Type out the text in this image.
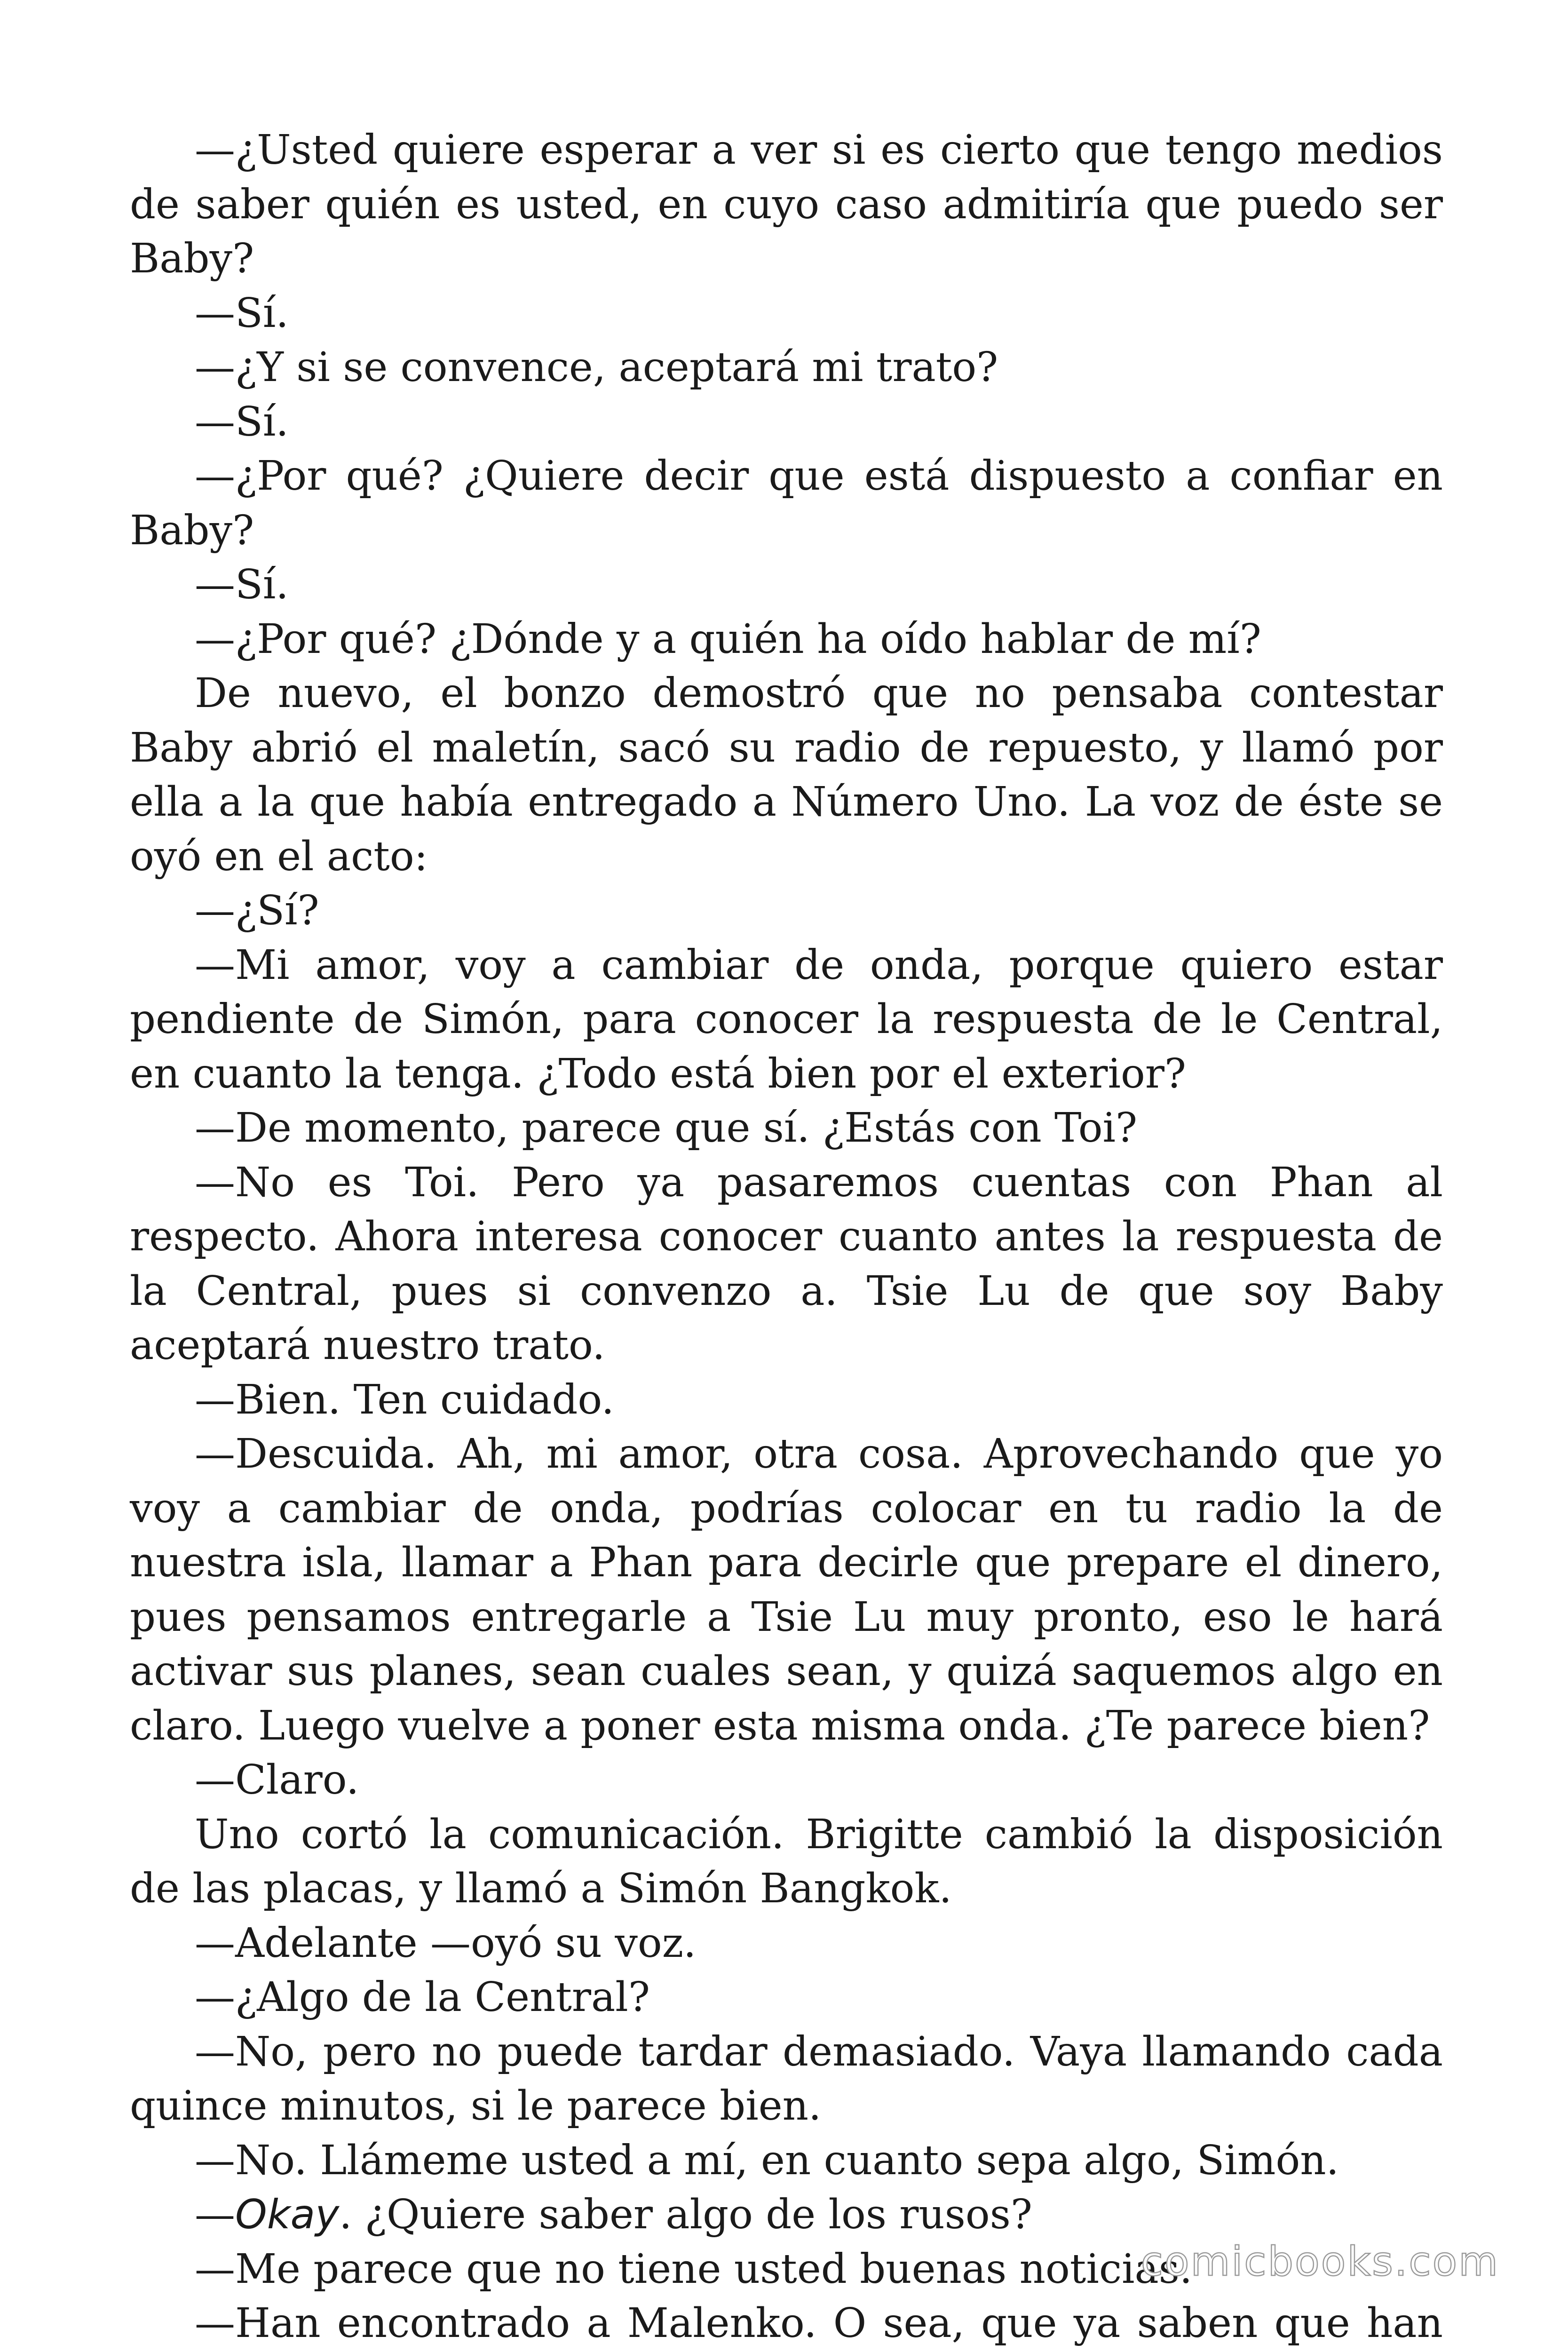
—¿Usted quiere esperar a ver si es cierto que tengo medios de saber quién es usted, en cuyo caso admitiría que puedo ser Baby?

—Sí.

—¿Y si se convence, aceptará mi trato?

—Sí.

—¿Por qué? ¿Quiere decir que está dispuesto a confiar en Baby?

—Sí.

—¿Por qué? ¿Dónde y a quién ha oído hablar de mí?

De nuevo, el bonzo demostró que no pensaba contestar Baby abrió el maletín, sacó su radio de repuesto, y llamó por ella a la que había entregado a Número Uno. La voz de éste se oyó en el acto:

—¿Sí?

—Mi amor, voy a cambiar de onda, porque quiero estar pendiente de Simón, para conocer la respuesta de le Central, en cuanto la tenga. ¿Todo está bien por el exterior?

—De momento, parece que sí. ¿Estás con Toi?

—No es Toi. Pero ya pasaremos cuentas con Phan al respecto. Ahora interesa conocer cuanto antes la respuesta de la Central, pues si convenzo a. Tsie Lu de que soy Baby aceptará nuestro trato.

—Bien. Ten cuidado.

—Descuida. Ah, mi amor, otra cosa. Aprovechando que yo voy a cambiar de onda, podrías colocar en tu radio la de nuestra isla, llamar a Phan para decirle que prepare el dinero, pues pensamos entregarle a Tsie Lu muy pronto, eso le hará activar sus planes, sean cuales sean, y quizá saquemos algo en claro. Luego vuelve a poner esta misma onda. ¿Te parece bien?

—Claro.

Uno cortó la comunicación. Brigitte cambió la disposición de las placas, y llamó a Simón Bangkok.

—Adelante —oyó su voz.

—¿Algo de la Central?

—No, pero no puede tardar demasiado. Vaya llamando cada quince minutos, si le parece bien.

—No. Llámeme usted a mí, en cuanto sepa algo, Simón.

—Okay. ¿Quiere saber algo de los rusos?

—Me parece que no tiene usted buenas noticias.

—Han encontrado a Malenko. O sea, que ya saben que han

comicbooks.com
